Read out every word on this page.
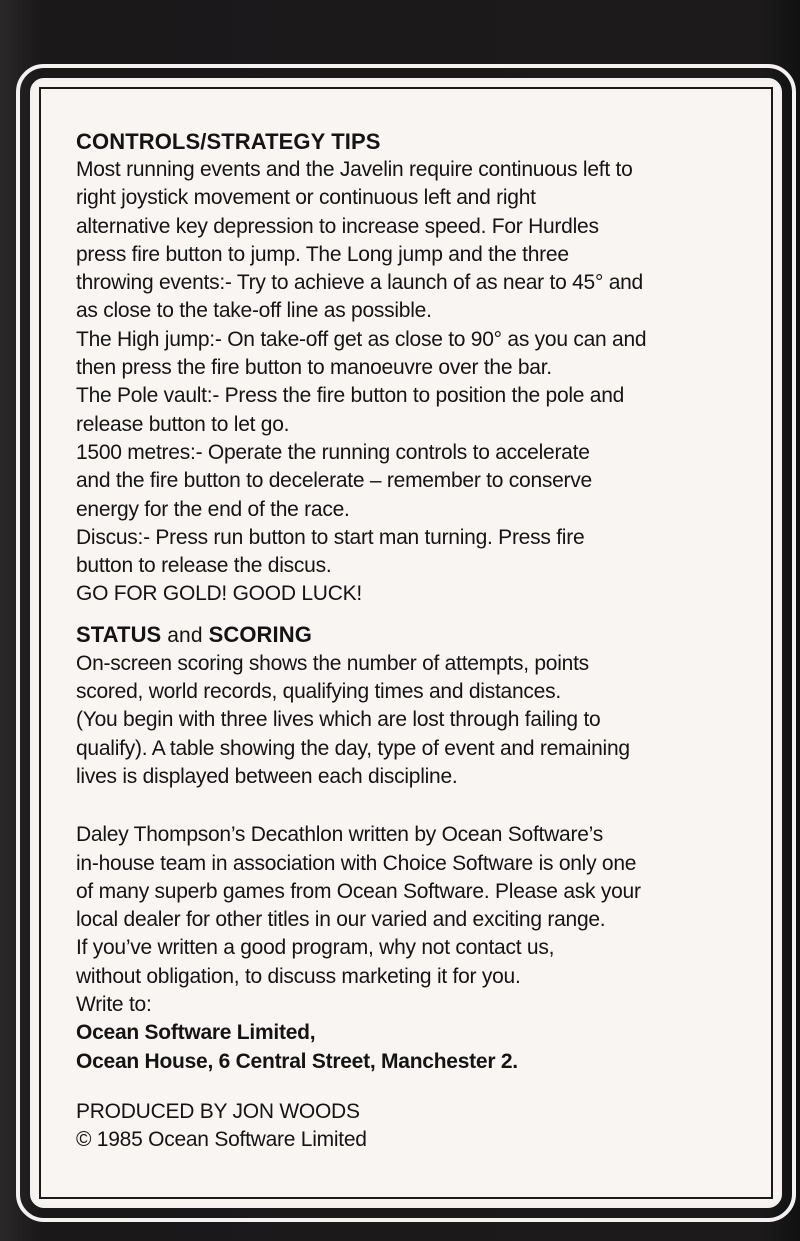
CONTROLS/STRATEGY TIPS

Most running events and the Javelin require continuous left to

right joystick movement or continuous left and right

alternative key depression to increase speed. For Hurdles

press fire button to jump. The Long jump and the three

throwing events:- Try to achieve a launch of as near to 45° and

as close to the take-off line as possible.

The High jump:- On take-off get as close to 90° as you can and

then press the fire button to manoeuvre over the bar.

The Pole vault:- Press the fire button to position the pole and

release button to let go.

1500 metres:- Operate the running controls to accelerate

and the fire button to decelerate – remember to conserve

energy for the end of the race.

Discus:- Press run button to start man turning. Press fire

button to release the discus.

GO FOR GOLD! GOOD LUCK!

STATUS and SCORING

On-screen scoring shows the number of attempts, points

scored, world records, qualifying times and distances.

(You begin with three lives which are lost through failing to

qualify). A table showing the day, type of event and remaining

lives is displayed between each discipline.

Daley Thompson’s Decathlon written by Ocean Software’s

in-house team in association with Choice Software is only one

of many superb games from Ocean Software. Please ask your

local dealer for other titles in our varied and exciting range.

If you’ve written a good program, why not contact us,

without obligation, to discuss marketing it for you.

Write to:

Ocean Software Limited,

Ocean House, 6 Central Street, Manchester 2.

PRODUCED BY JON WOODS

© 1985 Ocean Software Limited
